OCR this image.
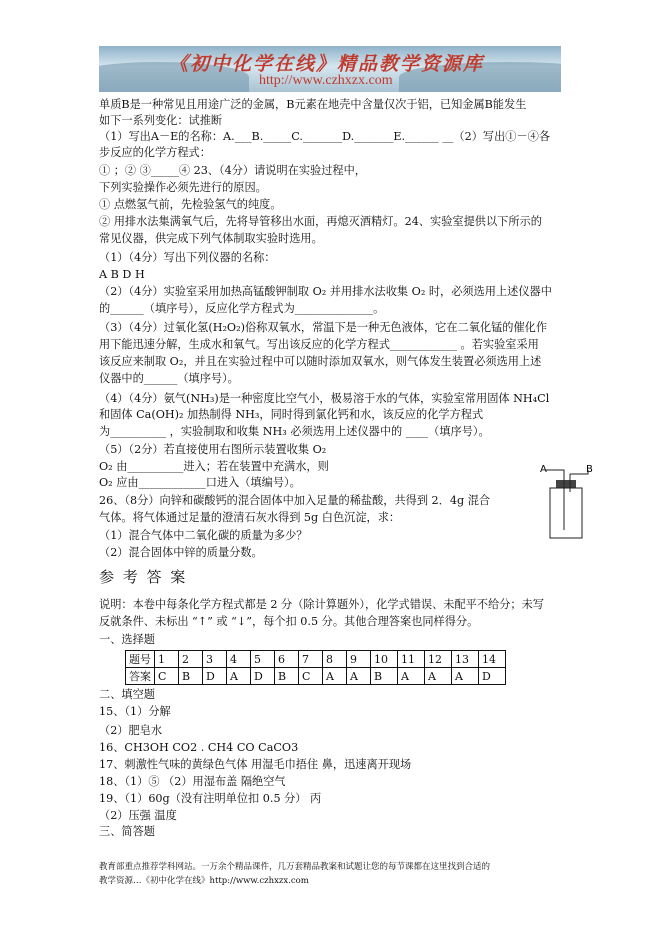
《初中化学在线》精品教学资源库
http://www.czhxzx.com
单质B是一种常见且用途广泛的金属，B元素在地壳中含量仅次于铝，已知金属B能发生
如下一系列变化：试推断
（1）写出A－E的名称：A.___B._____C._______D._______E.______ __（2）写出①－④各
步反应的化学方程式：
① ；② ③_____④ 23、（4分）请说明在实验过程中，
下列实验操作必须先进行的原因。
① 点燃氢气前，先检验氢气的纯度。
② 用排水法集满氧气后，先将导管移出水面，再熄灭酒精灯。24、实验室提供以下所示的
常见仪器，供完成下列气体制取实验时选用。
（1）（4分）写出下列仪器的名称：
A B D H
（2）（4分）实验室采用加热高锰酸钾制取 O₂ 并用排水法收集 O₂ 时，必须选用上述仪器中
的______（填序号），反应化学方程式为______________。
（3）（4分）过氧化氢(H₂O₂)俗称双氧水，常温下是一种无色液体，它在二氧化锰的催化作
用下能迅速分解，生成水和氧气。写出该反应的化学方程式____________ 。若实验室采用
该反应来制取 O₂，并且在实验过程中可以随时添加双氧水，则气体发生装置必须选用上述
仪器中的______（填序号）。
（4）（4分）氨气(NH₃)是一种密度比空气小，极易溶于水的气体，实验室常用固体 NH₄Cl
和固体 Ca(OH)₂ 加热制得 NH₃，同时得到氯化钙和水，该反应的化学方程式
为__________ ，实验制取和收集 NH₃ 必须选用上述仪器中的 ____（填序号）。
（5）（2分）若直接使用右图所示装置收集 O₂
O₂ 由__________进入；若在装置中充满水，则
O₂ 应由____________口进入（填编号）。
26、（8分）向锌和碳酸钙的混合固体中加入足量的稀盐酸，共得到 2．4g 混合
气体。将气体通过足量的澄清石灰水得到 5g 白色沉淀，求：
（1）混合气体中二氧化碳的质量为多少？
（2）混合固体中锌的质量分数。
A	B
参 考 答 案
说明：本卷中每条化学方程式都是 2 分（除计算题外），化学式错误、未配平不给分；未写
反就条件、未标出 “↑” 或 “↓”，每个扣 0.5 分。其他合理答案也同样得分。
一、选择题
题号	1	2	3	4	5	6	7	8	9	10	11	12	13	14
答案	C	B	D	A	D	B	C	A	A	B	A	A	A	D
二、填空题
15、（1）分解
（2）肥皂水
16、CH3OH CO2 . CH4 CO CaCO3
17、刺激性气味的黄绿色气体 用湿毛巾捂住 鼻，迅速离开现场
18、（1）⑤ （2）用湿布盖 隔绝空气
19、（1）60g（没有注明单位扣 0.5 分） 丙
（2）压强 温度
三、简答题
教育部重点推荐学科网站。一万余个精品课件，几万套精品教案和试题让您的每节课都在这里找到合适的
教学资源…《初中化学在线》http://www.czhxzx.com
